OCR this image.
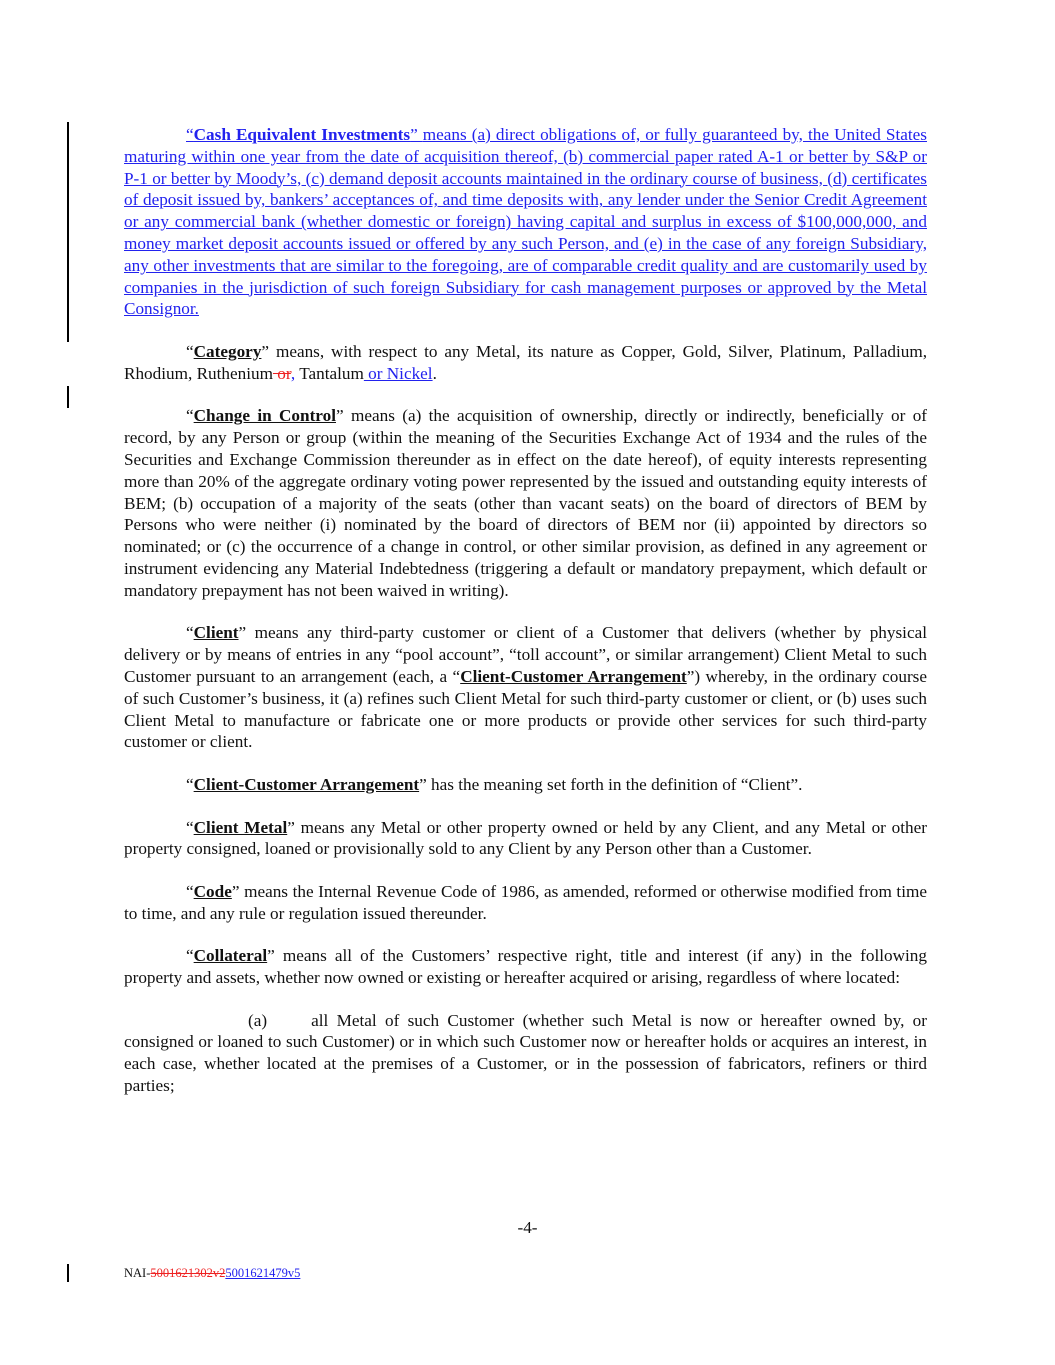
“Cash Equivalent Investments” means (a) direct obligations of, or fully guaranteed by, the United States maturing within one year from the date of acquisition thereof, (b) commercial paper rated A-1 or better by S&P or P-1 or better by Moody’s, (c) demand deposit accounts maintained in the ordinary course of business, (d) certificates of deposit issued by, bankers’ acceptances of, and time deposits with, any lender under the Senior Credit Agreement or any commercial bank (whether domestic or foreign) having capital and surplus in excess of $100,000,000, and money market deposit accounts issued or offered by any such Person, and (e) in the case of any foreign Subsidiary, any other investments that are similar to the foregoing, are of comparable credit quality and are customarily used by companies in the jurisdiction of such foreign Subsidiary for cash management purposes or approved by the Metal Consignor.

“Category” means, with respect to any Metal, its nature as Copper, Gold, Silver, Platinum, Palladium, Rhodium, Ruthenium or, Tantalum or Nickel.

“Change in Control” means (a) the acquisition of ownership, directly or indirectly, beneficially or of record, by any Person or group (within the meaning of the Securities Exchange Act of 1934 and the rules of the Securities and Exchange Commission thereunder as in effect on the date hereof), of equity interests representing more than 20% of the aggregate ordinary voting power represented by the issued and outstanding equity interests of BEM; (b) occupation of a majority of the seats (other than vacant seats) on the board of directors of BEM by Persons who were neither (i) nominated by the board of directors of BEM nor (ii) appointed by directors so nominated; or (c) the occurrence of a change in control, or other similar provision, as defined in any agreement or instrument evidencing any Material Indebtedness (triggering a default or mandatory prepayment, which default or mandatory prepayment has not been waived in writing).

“Client” means any third-party customer or client of a Customer that delivers (whether by physical delivery or by means of entries in any “pool account”, “toll account”, or similar arrangement) Client Metal to such Customer pursuant to an arrangement (each, a “Client-Customer Arrangement”) whereby, in the ordinary course of such Customer’s business, it (a) refines such Client Metal for such third-party customer or client, or (b) uses such Client Metal to manufacture or fabricate one or more products or provide other services for such third-party customer or client.

“Client-Customer Arrangement” has the meaning set forth in the definition of “Client”.

“Client Metal” means any Metal or other property owned or held by any Client, and any Metal or other property consigned, loaned or provisionally sold to any Client by any Person other than a Customer.

“Code” means the Internal Revenue Code of 1986, as amended, reformed or otherwise modified from time to time, and any rule or regulation issued thereunder.

“Collateral” means all of the Customers’ respective right, title and interest (if any) in the following property and assets, whether now owned or existing or hereafter acquired or arising, regardless of where located:

(a)	all Metal of such Customer (whether such Metal is now or hereafter owned by, or consigned or loaned to such Customer) or in which such Customer now or hereafter holds or acquires an interest, in each case, whether located at the premises of a Customer, or in the possession of fabricators, refiners or third parties;

-4-
NAI-5001621302v25001621479v5
